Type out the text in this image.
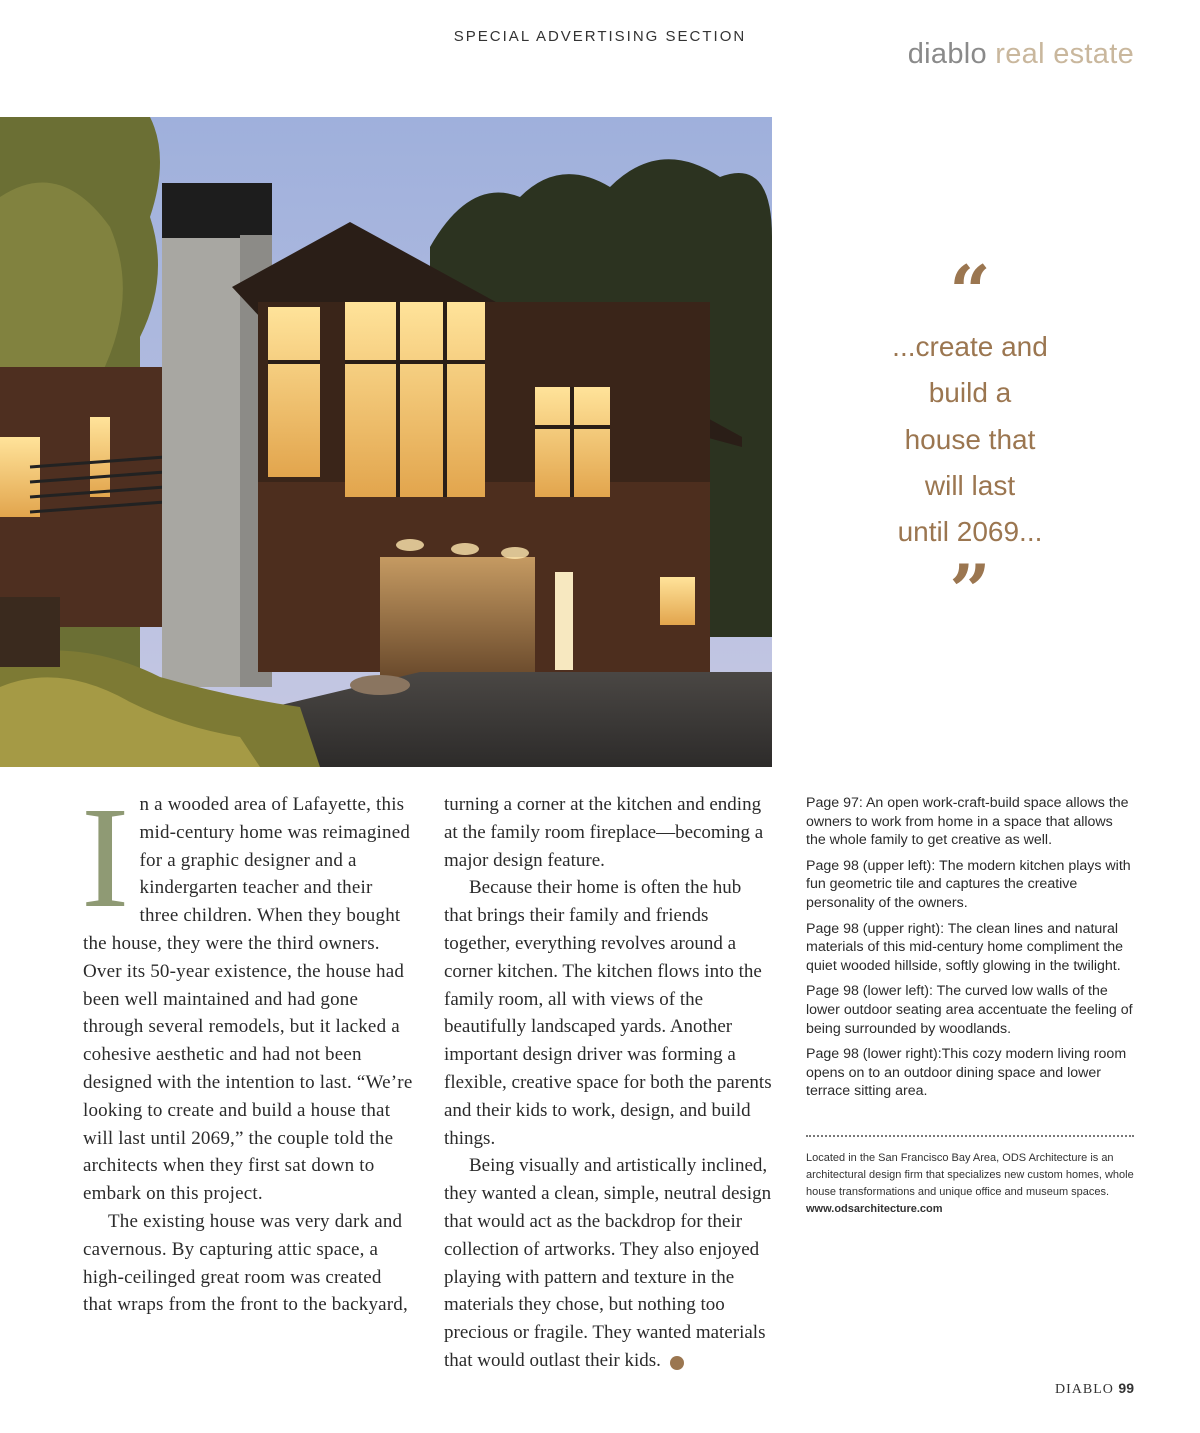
SPECIAL ADVERTISING SECTION
diablo real estate
“
...create and
build a
house that
will last
until 2069...
”

In a wooded area of Lafayette, this mid-century home was reimagined for a graphic designer and a kindergarten teacher and their three children. When they bought the house, they were the third owners. Over its 50-year existence, the house had been well maintained and had gone through several remodels, but it lacked a cohesive aesthetic and had not been designed with the intention to last. “We’re looking to create and build a house that will last until 2069,” the couple told the architects when they first sat down to embark on this project.

The existing house was very dark and cavernous. By capturing attic space, a high-ceilinged great room was created that wraps from the front to the backyard,

turning a corner at the kitchen and ending at the family room fireplace—becoming a major design feature.

Because their home is often the hub that brings their family and friends together, everything revolves around a corner kitchen. The kitchen flows into the family room, all with views of the beautifully landscaped yards. Another important design driver was forming a flexible, creative space for both the parents and their kids to work, design, and build things.

Being visually and artistically inclined, they wanted a clean, simple, neutral design that would act as the backdrop for their collection of artworks. They also enjoyed playing with pattern and texture in the materials they chose, but nothing too precious or fragile. They wanted materials that would outlast their kids.	d

Page 97: An open work-craft-build space allows the owners to work from home in a space that allows the whole family to get creative as well.

Page 98 (upper left): The modern kitchen plays with fun geometric tile and captures the creative personality of the owners.

Page 98 (upper right): The clean lines and natural materials of this mid-century home compliment the quiet wooded hillside, softly glowing in the twilight.

Page 98 (lower left): The curved low walls of the lower outdoor seating area accentuate the feeling of being surrounded by woodlands.

Page 98 (lower right):This cozy modern living room opens on to an outdoor dining space and lower terrace sitting area.

Located in the San Francisco Bay Area, ODS Architecture is an architectural design firm that specializes new custom homes, whole house transformations and unique office and museum spaces. www.odsarchitecture.com
DIABLO 99
